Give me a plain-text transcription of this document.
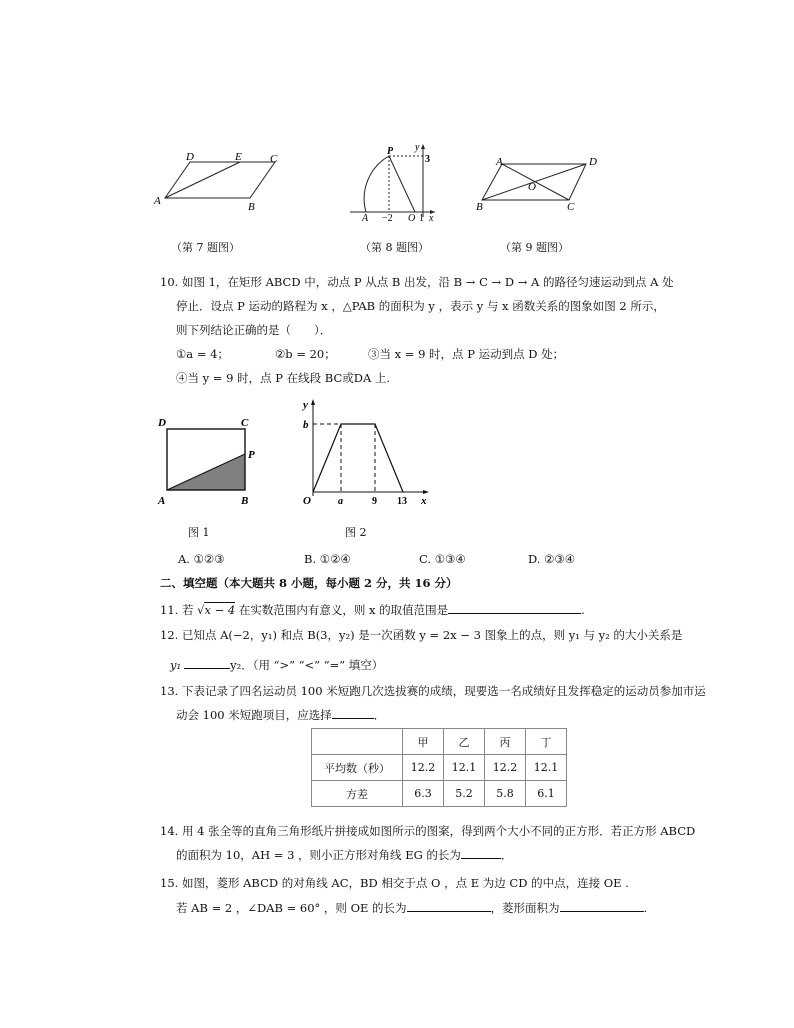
D	E	C
A	B
（第 7 题图）
P y
3
A −2 O 1 x
（第 8 题图）
A	D
O
B	C
（第 9 题图）
10. 如图 1，在矩形 ABCD 中，动点 P 从点 B 出发，沿 B → C → D → A 的路径匀速运动到点 A 处
停止．设点 P 运动的路程为 x ，△PAB 的面积为 y ，表示 y 与 x 函数关系的图象如图 2 所示，
则下列结论正确的是（　　）．
①a = 4；	②b = 20；	③当 x = 9 时，点 P 运动到点 D 处；
④当 y = 9 时，点 P 在线段 BC或DA 上.
D	C
P
A	B
图 1
y
b
O	a	9 13 x
图 2
A. ①②③	B. ①②④	C. ①③④	D. ②③④
二、填空题（本大题共 8 小题，每小题 2 分，共 16 分）
11. 若 √x − 4 在实数范围内有意义，则 x 的取值范围是	.
12. 已知点 A(−2，y₁) 和点 B(3，y₂) 是一次函数 y = 2x − 3 图象上的点，则 y₁ 与 y₂ 的大小关系是
y₁	y₂．（用 “>” “<” “=” 填空）
13. 下表记录了四名运动员 100 米短跑几次选拔赛的成绩，现要选一名成绩好且发挥稳定的运动员参加市运
动会 100 米短跑项目，应选择	．
	甲	乙	丙	丁
平均数（秒）	12.2	12.1	12.2	12.1
方差	6.3	5.2	5.8	6.1
14. 用 4 张全等的直角三角形纸片拼接成如图所示的图案，得到两个大小不同的正方形．若正方形 ABCD
的面积为 10，AH = 3 ，则小正方形对角线 EG 的长为	．
15. 如图，菱形 ABCD 的对角线 AC，BD 相交于点 O ，点 E 为边 CD 的中点，连接 OE .
若 AB = 2 ，∠DAB = 60° ，则 OE 的长为	，菱形面积为	.
